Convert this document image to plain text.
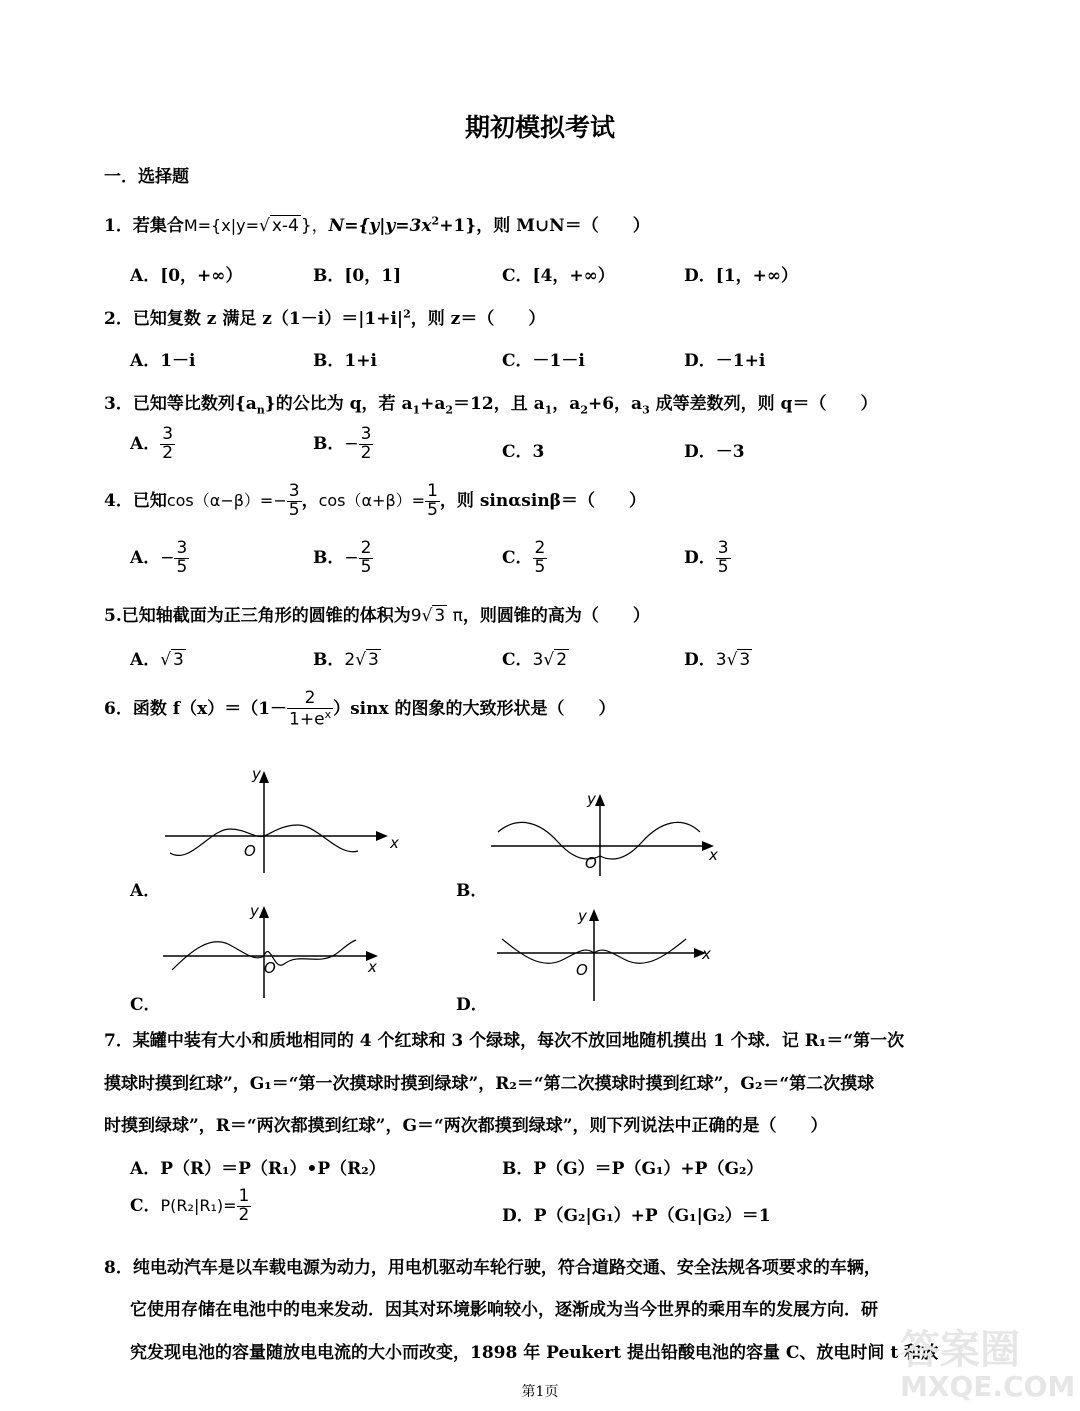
期初模拟考试
一．选择题
1．若集合M={x|y=√ x-4 }，$N=\{y|y=3x^2+1\}$，则 M∪N＝（　　）
A．[0，+∞）	B．[0，1]	C．[4，+∞）	D．[1，+∞）
2．已知复数 z 满足 $z(1-i)=|1+i|^2$，则 z＝（　　）
A．1－i	B．1+i	C．－1－i	D．－1+i
3．已知等比数列$\{a_n\}$的公比为 q，若 $a_1+a_2=12$，且 $a_1$，$a_2+6$，$a_3$ 成等差数列，则 q＝（　　）
A． $\frac{3}{2}$	B．− $\frac{3}{2}$	C．3	D．－3
4．已知$\cos(\alpha-\beta)=- \frac{3}{5}$ ，$\cos(\alpha+\beta)= \frac{1}{5}$ ，则 sinαsinβ＝（　　）
A．− $\frac{3}{5}$	B．− $\frac{2}{5}$	C． $\frac{2}{5}$	D． $\frac{3}{5}$
5.已知轴截面为正三角形的圆锥的体积为9√ 3 π，则圆锥的高为（　　）
A．√ 3	B．2√ 3	C．3√ 2	D．3√ 3
6．函数 $f(x)=(1- \frac{2}{1+e^x} )\sin x$ 的图象的大致形状是（　　）
y
x
O
A．
y
x
O
B．
y
x
O
C．
y
x
O
D．
7．某罐中装有大小和质地相同的 4 个红球和 3 个绿球，每次不放回地随机摸出 1 个球．记 R₁＝“第一次
摸球时摸到红球”，G₁＝“第一次摸球时摸到绿球”，R₂＝“第二次摸球时摸到红球”，G₂＝“第二次摸球
时摸到绿球”，R＝“两次都摸到红球”，G＝“两次都摸到绿球”，则下列说法中正确的是（　　）
A．P（R）＝P（R₁）•P（R₂）	B．P（G）＝P（G₁）+P（G₂）
C．$P(R_2|R_1)= \frac{1}{2}$	D．P（G₂|G₁）+P（G₁|G₂）＝1
8．纯电动汽车是以车载电源为动力，用电机驱动车轮行驶，符合道路交通、安全法规各项要求的车辆，
它使用存储在电池中的电来发动．因其对环境影响较小，逐渐成为当今世界的乘用车的发展方向．研
究发现电池的容量随放电电流的大小而改变，1898 年 Peukert 提出铅酸电池的容量 C、放电时间 t 和放
第1页
答案圈
MXQE.COM
